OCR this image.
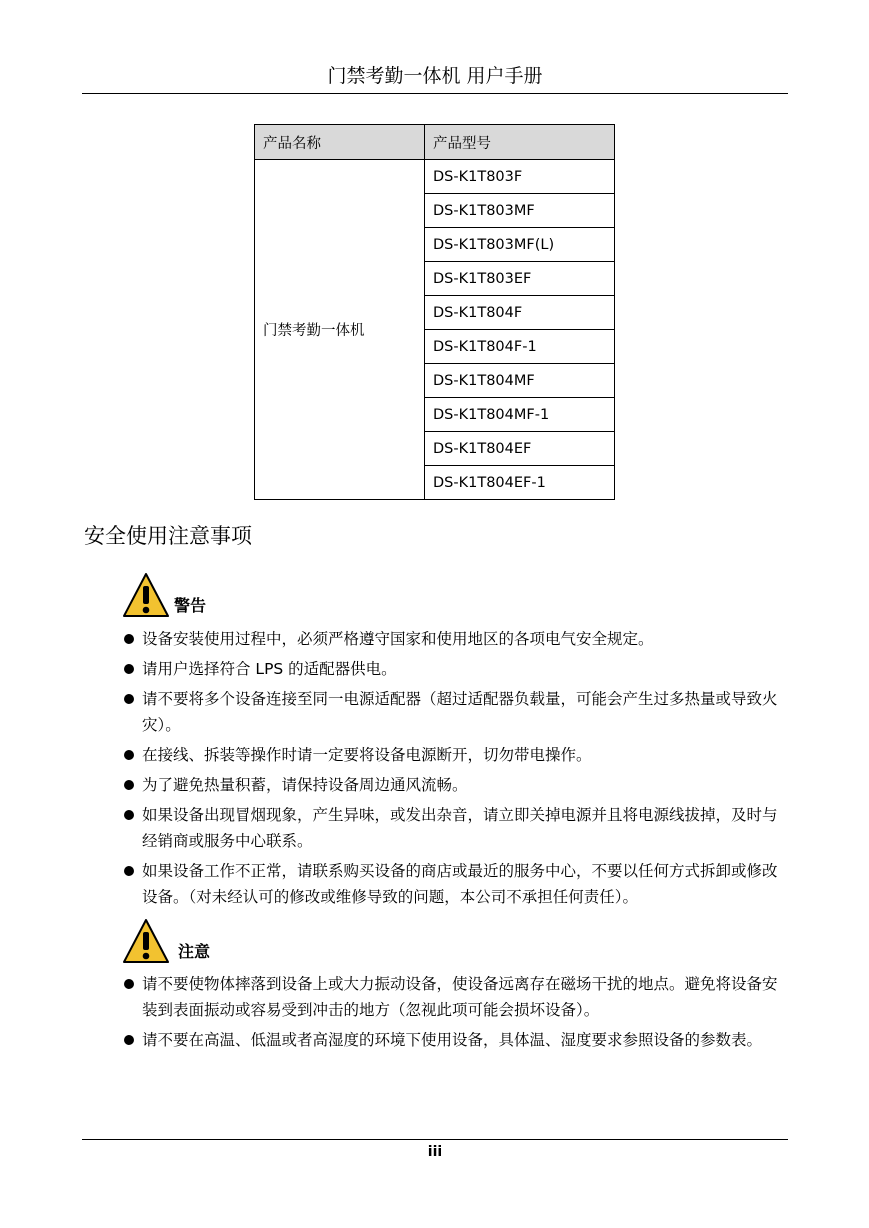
门禁考勤一体机 用户手册
产品名称	产品型号
门禁考勤一体机	DS-K1T803F
	DS-K1T803MF
	DS-K1T803MF(L)
	DS-K1T803EF
	DS-K1T804F
	DS-K1T804F-1
	DS-K1T804MF
	DS-K1T804MF-1
	DS-K1T804EF
	DS-K1T804EF-1
安全使用注意事项
警告
设备安装使用过程中，必须严格遵守国家和使用地区的各项电气安全规定。
请用户选择符合 LPS 的适配器供电。
请不要将多个设备连接至同一电源适配器（超过适配器负载量，可能会产生过多热量或导致火灾）。
在接线、拆装等操作时请一定要将设备电源断开，切勿带电操作。
为了避免热量积蓄，请保持设备周边通风流畅。
如果设备出现冒烟现象，产生异味，或发出杂音，请立即关掉电源并且将电源线拔掉，及时与经销商或服务中心联系。
如果设备工作不正常，请联系购买设备的商店或最近的服务中心，不要以任何方式拆卸或修改设备。（对未经认可的修改或维修导致的问题，本公司不承担任何责任）。
注意
请不要使物体摔落到设备上或大力振动设备，使设备远离存在磁场干扰的地点。避免将设备安装到表面振动或容易受到冲击的地方（忽视此项可能会损坏设备）。
请不要在高温、低温或者高湿度的环境下使用设备，具体温、湿度要求参照设备的参数表。
iii
